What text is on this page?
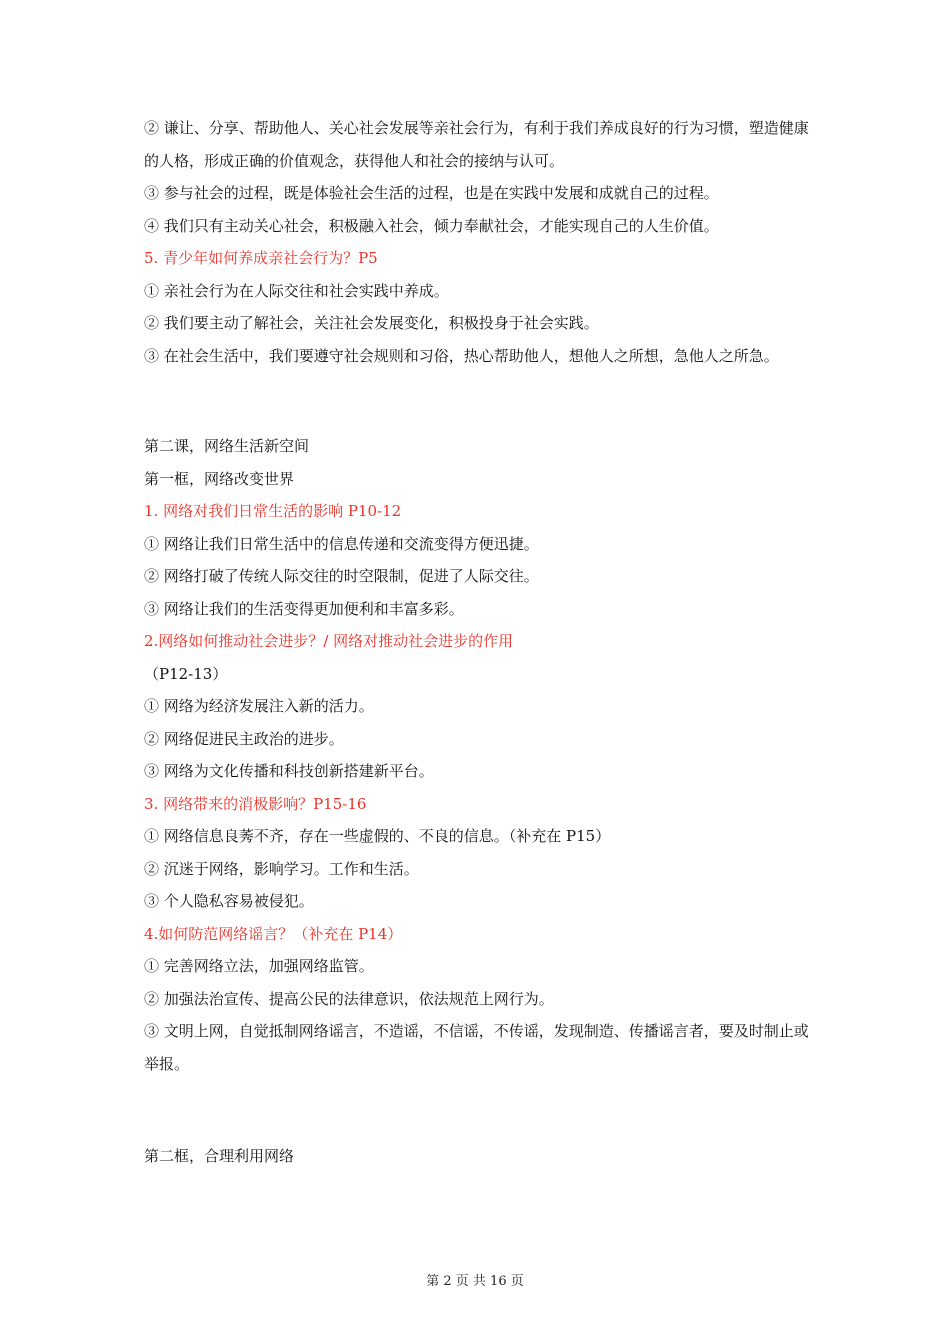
② 谦让、分享、帮助他人、关心社会发展等亲社会行为，有利于我们养成良好的行为习惯，塑造健康的人格，形成正确的价值观念，获得他人和社会的接纳与认可。
③ 参与社会的过程，既是体验社会生活的过程，也是在实践中发展和成就自己的过程。
④ 我们只有主动关心社会，积极融入社会，倾力奉献社会，才能实现自己的人生价值。
5. 青少年如何养成亲社会行为？P5
① 亲社会行为在人际交往和社会实践中养成。
② 我们要主动了解社会，关注社会发展变化，积极投身于社会实践。
③ 在社会生活中，我们要遵守社会规则和习俗，热心帮助他人，想他人之所想，急他人之所急。
第二课，网络生活新空间
第一框，网络改变世界
1. 网络对我们日常生活的影响 P10-12
① 网络让我们日常生活中的信息传递和交流变得方便迅捷。
② 网络打破了传统人际交往的时空限制，促进了人际交往。
③ 网络让我们的生活变得更加便利和丰富多彩。
2.网络如何推动社会进步？/ 网络对推动社会进步的作用
（P12-13）
① 网络为经济发展注入新的活力。
② 网络促进民主政治的进步。
③ 网络为文化传播和科技创新搭建新平台。
3. 网络带来的消极影响？P15-16
① 网络信息良莠不齐，存在一些虚假的、不良的信息。（补充在 P15）
② 沉迷于网络，影响学习。工作和生活。
③ 个人隐私容易被侵犯。
4.如何防范网络谣言？（补充在 P14）
① 完善网络立法，加强网络监管。
② 加强法治宣传、提高公民的法律意识，依法规范上网行为。
③ 文明上网，自觉抵制网络谣言，不造谣，不信谣，不传谣，发现制造、传播谣言者，要及时制止或举报。
第二框，合理利用网络
第 2 页 共 16 页
